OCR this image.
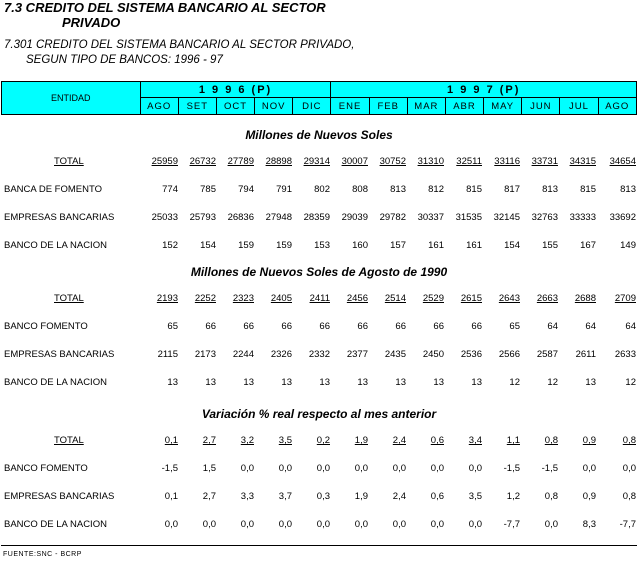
7.3 CREDITO DEL SISTEMA BANCARIO AL SECTOR
PRIVADO
7.301 CREDITO DEL SISTEMA BANCARIO AL SECTOR PRIVADO,
SEGUN TIPO DE BANCOS: 1996 - 97
ENTIDAD	1 9 9 6 (P)					1 9 9 7 (P)							
	AGO	SET	OCT	NOV	DIC	ENE	FEB	MAR	ABR	MAY	JUN	JUL	AGO
Millones de Nuevos Soles
TOTAL	25959	26732	27789	28898	29314	30007	30752	31310	32511	33116	33731	34315	34654
BANCA DE FOMENTO	774	785	794	791	802	808	813	812	815	817	813	815	813
EMPRESAS BANCARIAS	25033	25793	26836	27948	28359	29039	29782	30337	31535	32145	32763	33333	33692
BANCO DE LA NACION	152	154	159	159	153	160	157	161	161	154	155	167	149
Millones de Nuevos Soles de Agosto de 1990
TOTAL	2193	2252	2323	2405	2411	2456	2514	2529	2615	2643	2663	2688	2709
BANCO FOMENTO	65	66	66	66	66	66	66	66	66	65	64	64	64
EMPRESAS BANCARIAS	2115	2173	2244	2326	2332	2377	2435	2450	2536	2566	2587	2611	2633
BANCO DE LA NACION	13	13	13	13	13	13	13	13	13	12	12	13	12
Variación % real respecto al mes anterior
TOTAL	0,1	2,7	3,2	3,5	0,2	1,9	2,4	0,6	3,4	1,1	0,8	0,9	0,8
BANCO FOMENTO	-1,5	1,5	0,0	0,0	0,0	0,0	0,0	0,0	0,0	-1,5	-1,5	0,0	0,0
EMPRESAS BANCARIAS	0,1	2,7	3,3	3,7	0,3	1,9	2,4	0,6	3,5	1,2	0,8	0,9	0,8
BANCO DE LA NACION	0,0	0,0	0,0	0,0	0,0	0,0	0,0	0,0	0,0	-7,7	0,0	8,3	-7,7
FUENTE:SNC - BCRP
